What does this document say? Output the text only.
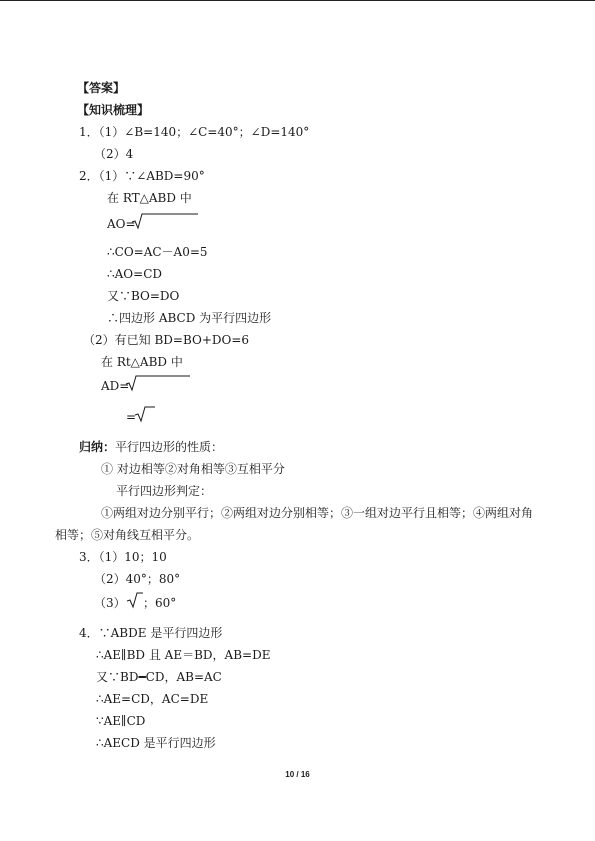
【答案】
【知识梳理】
1．（1）∠B=140；∠C=40°；∠D=140°
（2）4
2．（1）∵∠ABD=90°
在 RT△ABD 中
AO=
∴CO=AC－A0=5
∴AO=CD
又∵BO=DO
∴四边形 ABCD 为平行四边形
（2）有已知 BD=BO+DO=6
在 Rt△ABD 中
AD=
=
归纳： 平行四边形的性质：
① 对边相等②对角相等③互相平分
平行四边形判定：
①两组对边分别平行；②两组对边分别相等；③一组对边平行且相等；④两组对角
相等；⑤对角线互相平分。
3．（1）10；10
（2）40°；80°
（3） ；60°
4．∵ABDE 是平行四边形
∴AE∥BD 且 AE＝BD，AB=DE
又∵BD━CD，AB=AC
∴AE=CD，AC=DE
∵AE∥CD
∴AECD 是平行四边形
10 / 16
